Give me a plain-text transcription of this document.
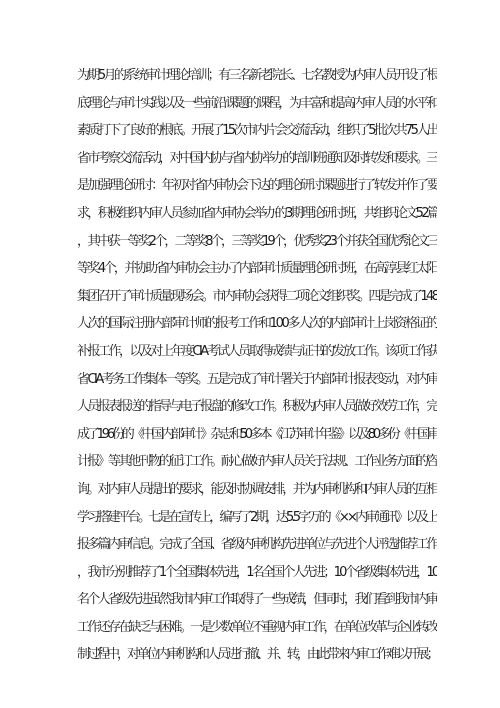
为期5月的系统审计理论培训；有三名新老院长、七名教授为内审人员开设了根
底理论与审计实践以及一些前沿课题的课程，为丰富和提高内审人员的水平和
素质打下了良好的根底。开展了15次市内片会交流活动，组织了5批次共75人出
省市考察交流活动，对中国内协与省内协举办的培训班通知及时转发和要求。三
是加强理论研讨：年初对省内审协会下达的理论研讨课题进行了转发并作了要
求，积极组织内审人员参加省内审协会举办的3期理论研讨班，共组织论文52篇
，其中获一等奖2个，二等奖8个，三等奖19个，优秀奖23个并获全国优秀论文三
等奖4个，并协助省内审协会主办了内部审计质量理论研讨班，在高淳县红太阳
集团召开了审计质量现场会。市内审协会获得二项论文组织奖。四是完成了148
人次的国际注册内部审计师的报考工作和100多人次的内部审计上岗资格证的
补报工作，以及对上年度CIA考试人员取得成绩与证书的发放工作。该项工作获
省CIA考务工作集体一等奖。五是完成了审计署关于内部审计报表变动，对内审
人员报表报送的指导与电子报盘的修改工作。积极为内审人员做好效劳工作，完
成了196份的《中国内部审计》杂志和50多本《江苏审计年鉴》以及80多份《中国审
计报》等其他刊物的征订工作。耐心做好内审人员关于法规、工作业务方面的咨
询。对内审人员提出的要求，能及时协调安排，并为内审机构和内审人员的互相
学习搭建平台。七是在宣传上，编写了2期，达5.5字万的《××内审通讯》以及上
报多篇内审信息。完成了全国、省级内审机构先进单位与先进个人评选推荐工作
，我市分别推荐了1个全国集体先进，1名全国个人先进；10个省级集体先进，10
名个人省级先进虽然我市内审工作取得了一些成绩，但同时，我们看到我市内审
工作还存在缺乏与困难。一是少数单位不重视内审工作，在单位改革与企业转改
制过程中，对单位内审机构和人员进行撤、并、转，由此带来内审工作难以开展；
